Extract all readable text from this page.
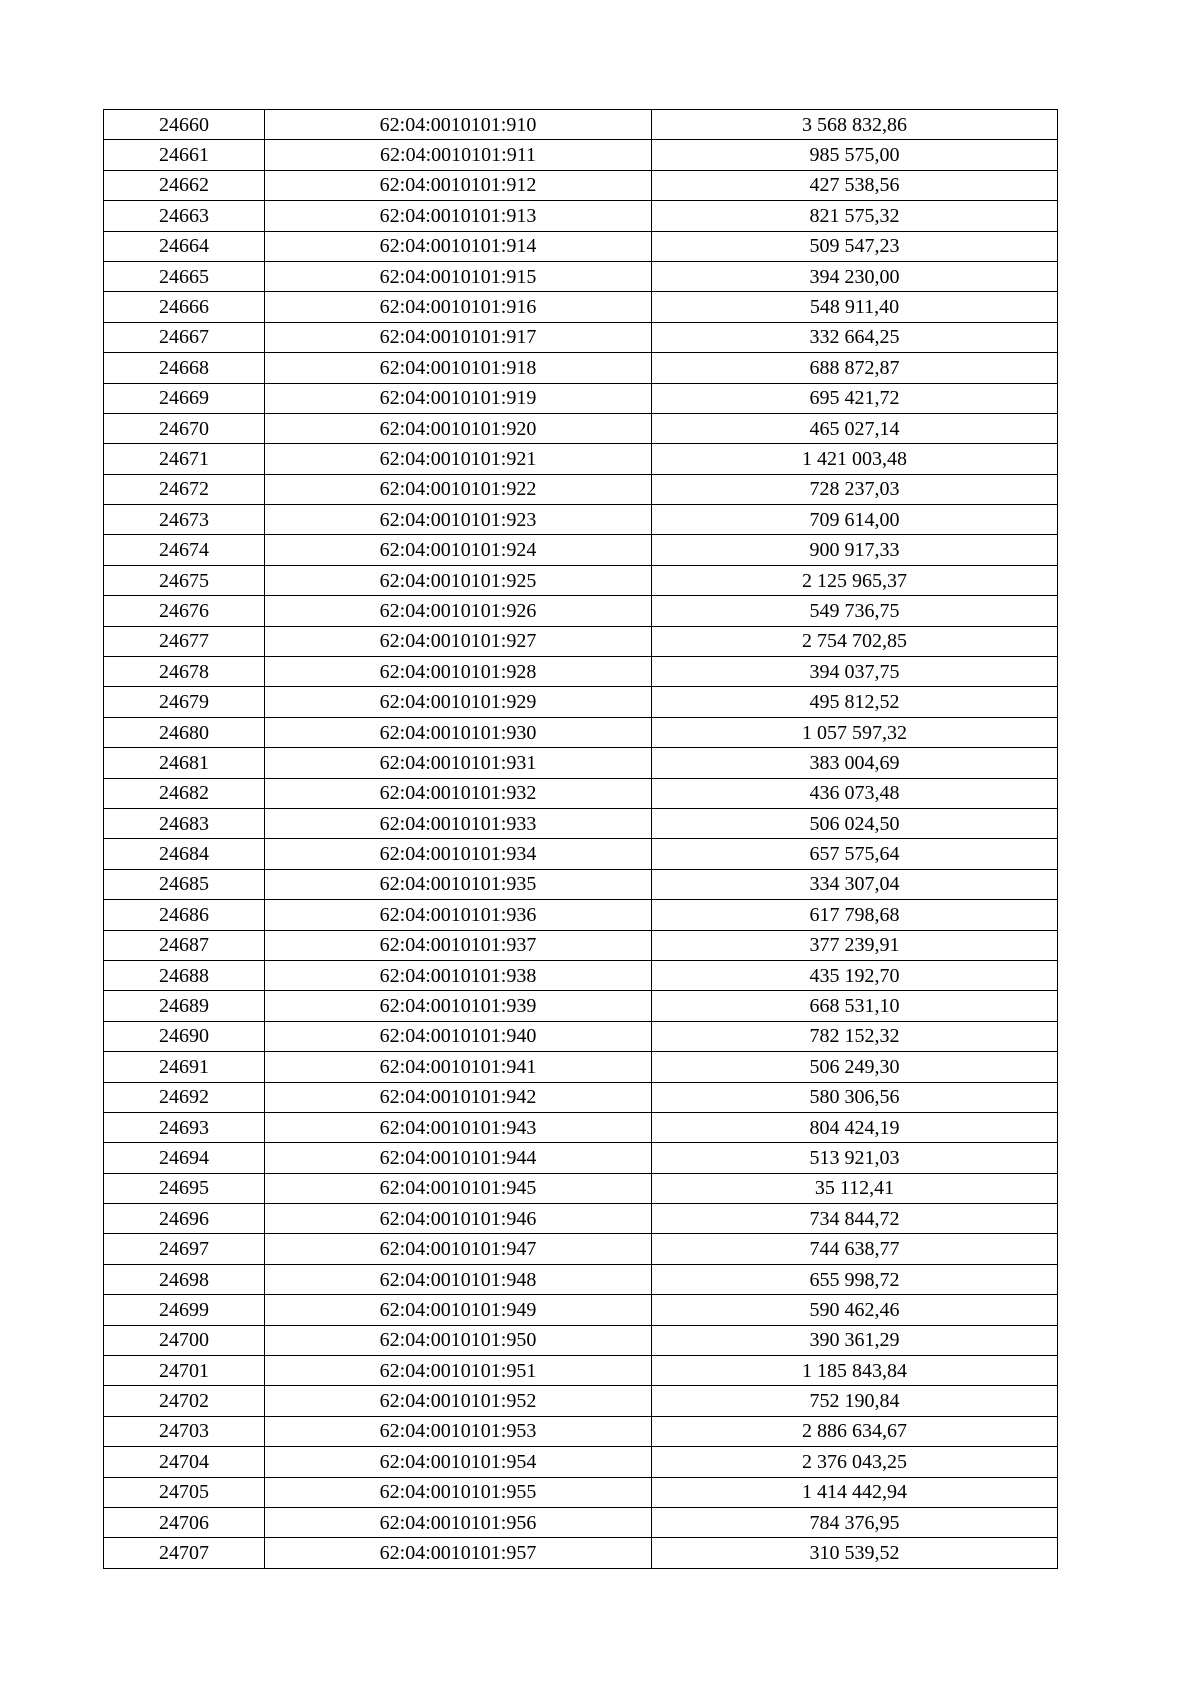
24660	62:04:0010101:910	3 568 832,86
24661	62:04:0010101:911	985 575,00
24662	62:04:0010101:912	427 538,56
24663	62:04:0010101:913	821 575,32
24664	62:04:0010101:914	509 547,23
24665	62:04:0010101:915	394 230,00
24666	62:04:0010101:916	548 911,40
24667	62:04:0010101:917	332 664,25
24668	62:04:0010101:918	688 872,87
24669	62:04:0010101:919	695 421,72
24670	62:04:0010101:920	465 027,14
24671	62:04:0010101:921	1 421 003,48
24672	62:04:0010101:922	728 237,03
24673	62:04:0010101:923	709 614,00
24674	62:04:0010101:924	900 917,33
24675	62:04:0010101:925	2 125 965,37
24676	62:04:0010101:926	549 736,75
24677	62:04:0010101:927	2 754 702,85
24678	62:04:0010101:928	394 037,75
24679	62:04:0010101:929	495 812,52
24680	62:04:0010101:930	1 057 597,32
24681	62:04:0010101:931	383 004,69
24682	62:04:0010101:932	436 073,48
24683	62:04:0010101:933	506 024,50
24684	62:04:0010101:934	657 575,64
24685	62:04:0010101:935	334 307,04
24686	62:04:0010101:936	617 798,68
24687	62:04:0010101:937	377 239,91
24688	62:04:0010101:938	435 192,70
24689	62:04:0010101:939	668 531,10
24690	62:04:0010101:940	782 152,32
24691	62:04:0010101:941	506 249,30
24692	62:04:0010101:942	580 306,56
24693	62:04:0010101:943	804 424,19
24694	62:04:0010101:944	513 921,03
24695	62:04:0010101:945	35 112,41
24696	62:04:0010101:946	734 844,72
24697	62:04:0010101:947	744 638,77
24698	62:04:0010101:948	655 998,72
24699	62:04:0010101:949	590 462,46
24700	62:04:0010101:950	390 361,29
24701	62:04:0010101:951	1 185 843,84
24702	62:04:0010101:952	752 190,84
24703	62:04:0010101:953	2 886 634,67
24704	62:04:0010101:954	2 376 043,25
24705	62:04:0010101:955	1 414 442,94
24706	62:04:0010101:956	784 376,95
24707	62:04:0010101:957	310 539,52
